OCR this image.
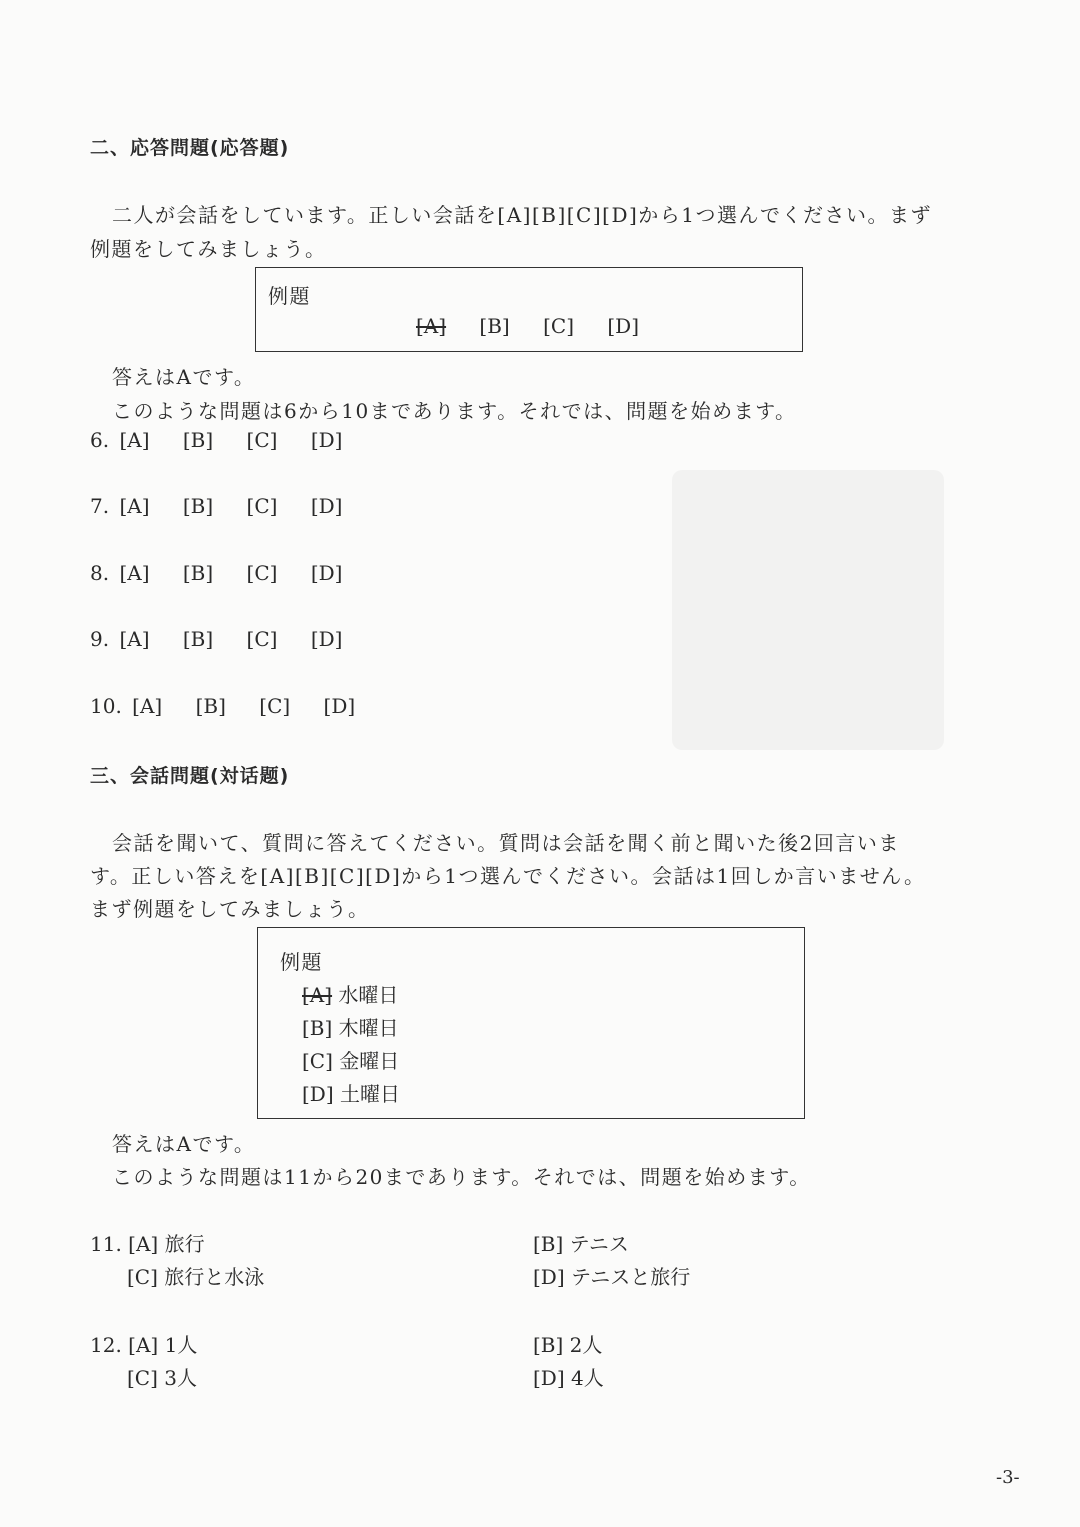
二、応答問題(応答題)
二人が会話をしています。正しい会話を[A][B][C][D]から1つ選んでください。まず
例題をしてみましょう。
例題
[A] [B] [C] [D]
答えはAです。
このような問題は6から10まであります。それでは、問題を始めます。
6. [A] [B] [C] [D]
7. [A] [B] [C] [D]
8. [A] [B] [C] [D]
9. [A] [B] [C] [D]
10. [A] [B] [C] [D]
三、会話問題(対话题)
会話を聞いて、質問に答えてください。質問は会話を聞く前と聞いた後2回言いま
す。正しい答えを[A][B][C][D]から1つ選んでください。会話は1回しか言いません。
まず例題をしてみましょう。
例題
[A] 水曜日
[B] 木曜日
[C] 金曜日
[D] 土曜日
答えはAです。
このような問題は11から20まであります。それでは、問題を始めます。
11. [A] 旅行	[B] テニス
[C] 旅行と水泳	[D] テニスと旅行
12. [A] 1人	[B] 2人
[C] 3人	[D] 4人
-3-
